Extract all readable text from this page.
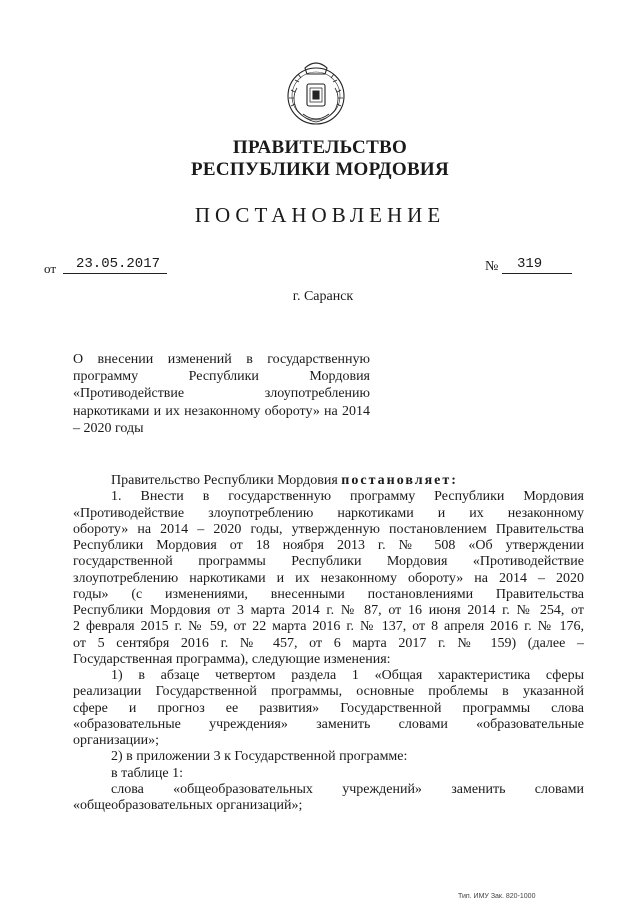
ПРАВИТЕЛЬСТВО
РЕСПУБЛИКИ МОРДОВИЯ
ПОСТАНОВЛЕНИЕ
от	23.05.2017	№	319
г. Саранск
О внесении изменений в государственную программу Республики Мордовия «Противодействие злоупотреблению наркотиками и их незаконному обороту» на 2014 – 2020 годы
Правительство Республики Мордовия постановляет:
1. Внести в государственную программу Республики Мордовия
«Противодействие злоупотреблению наркотиками и их незаконному
обороту» на 2014 – 2020 годы, утвержденную постановлением Правительства
Республики Мордовия от 18 ноября 2013 г. № 508 «Об утверждении
государственной программы Республики Мордовия «Противодействие
злоупотреблению наркотиками и их незаконному обороту» на 2014 – 2020
годы» (с изменениями, внесенными постановлениями Правительства
Республики Мордовия от 3 марта 2014 г. № 87, от 16 июня 2014 г. № 254, от
2 февраля 2015 г. № 59, от 22 марта 2016 г. № 137, от 8 апреля 2016 г. № 176,
от 5 сентября 2016 г. № 457, от 6 марта 2017 г. № 159) (далее –
Государственная программа), следующие изменения:
1) в абзаце четвертом раздела 1 «Общая характеристика сферы
реализации Государственной программы, основные проблемы в указанной
сфере и прогноз ее развития» Государственной программы слова
«образовательные учреждения» заменить словами «образовательные
организации»;
2) в приложении 3 к Государственной программе:
в таблице 1:
слова «общеобразовательных учреждений» заменить словами
«общеобразовательных организаций»;
Тип. ИМУ Зак. 820-1000
